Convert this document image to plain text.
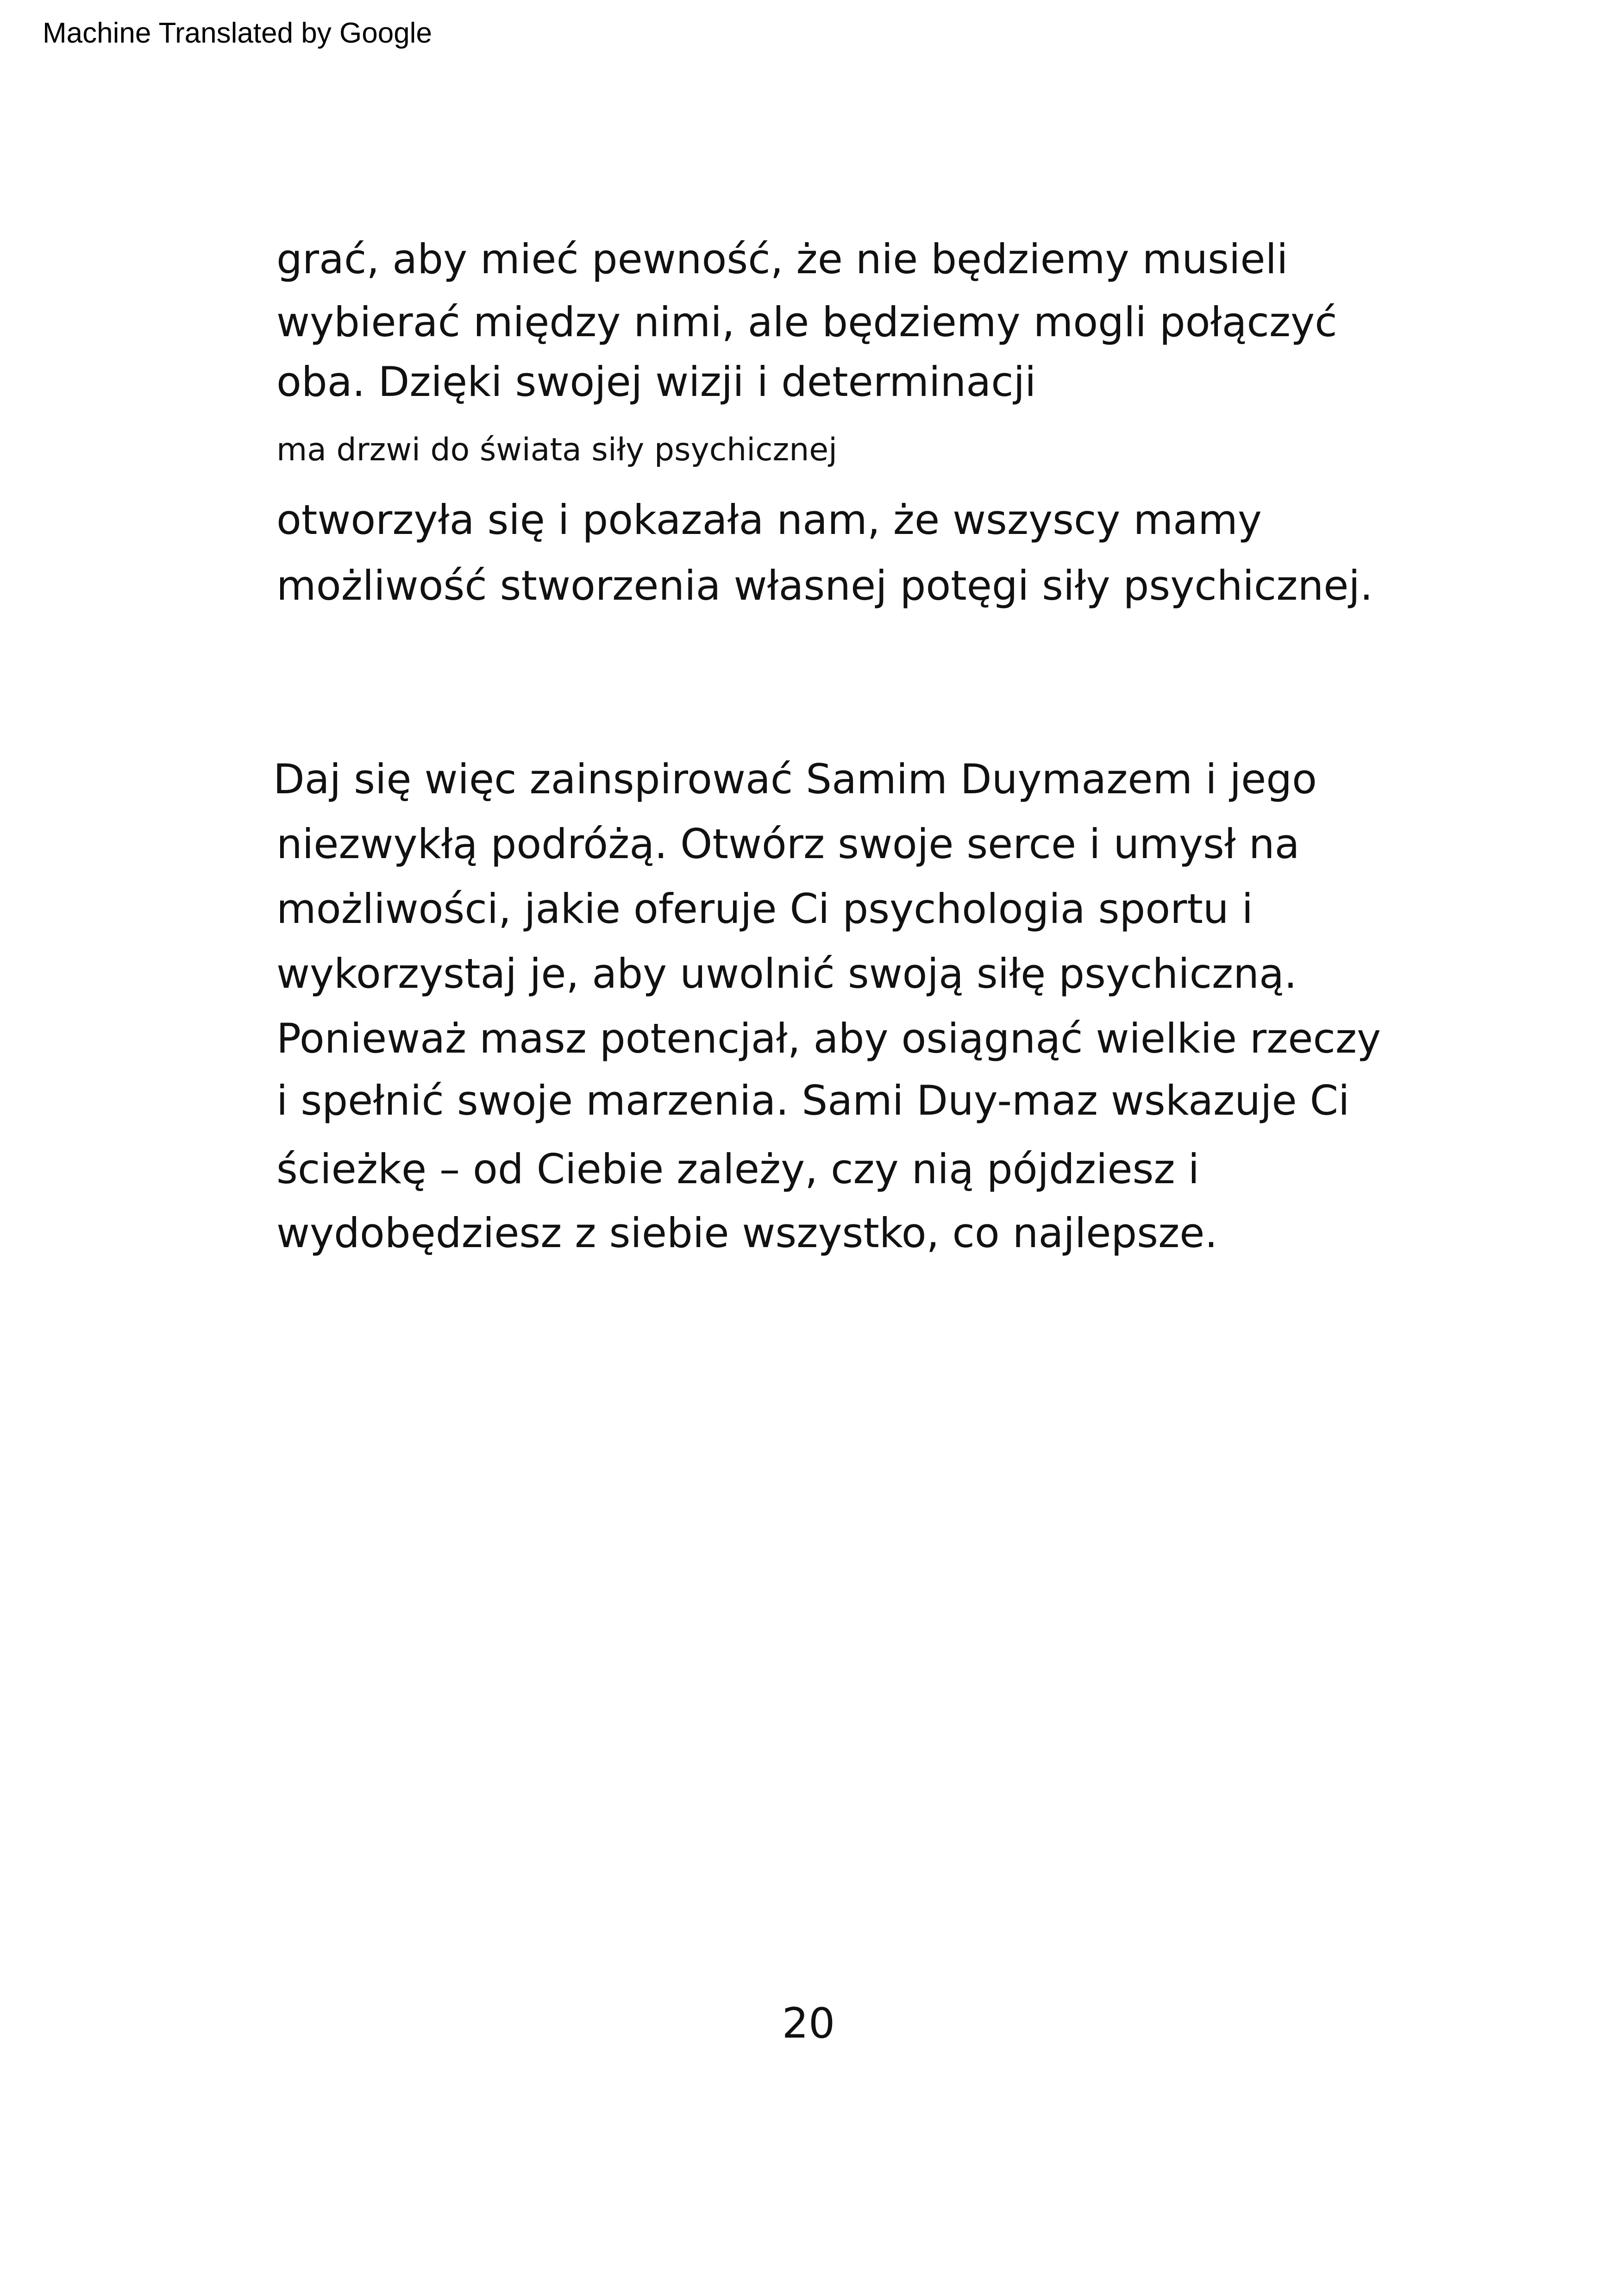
Machine Translated by Google
grać, aby mieć pewność, że nie będziemy musieli
wybierać między nimi, ale będziemy mogli połączyć
oba. Dzięki swojej wizji i determinacji
ma drzwi do świata siły psychicznej
otworzyła się i pokazała nam, że wszyscy mamy
możliwość stworzenia własnej potęgi siły psychicznej.
Daj się więc zainspirować Samim Duymazem i jego
niezwykłą podróżą. Otwórz swoje serce i umysł na
możliwości, jakie oferuje Ci psychologia sportu i
wykorzystaj je, aby uwolnić swoją siłę psychiczną.
Ponieważ masz potencjał, aby osiągnąć wielkie rzeczy
i spełnić swoje marzenia. Sami Duy-maz wskazuje Ci
ścieżkę – od Ciebie zależy, czy nią pójdziesz i
wydobędziesz z siebie wszystko, co najlepsze.
20
